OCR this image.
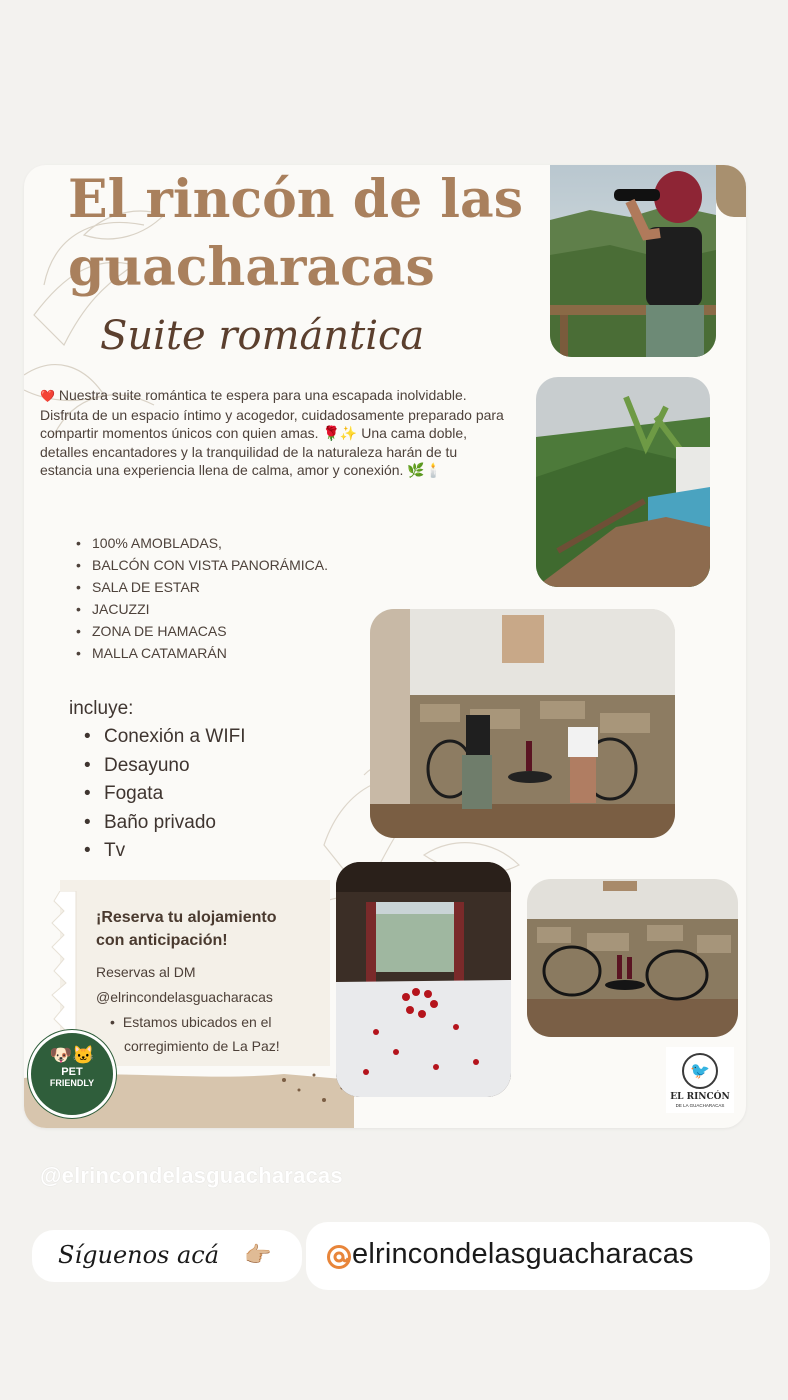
El rincón de las
guacharacas
Suite romántica
❤️ Nuestra suite romántica te espera para una escapada inolvidable. Disfruta de un espacio íntimo y acogedor, cuidadosamente preparado para compartir momentos únicos con quien amas. 🌹✨ Una cama doble, detalles encantadores y la tranquilidad de la naturaleza harán de tu estancia una experiencia llena de calma, amor y conexión. 🌿🕯️
• 100% AMOBLADAS,
• BALCÓN CON VISTA PANORÁMICA.
• SALA DE ESTAR
• JACUZZI
• ZONA DE HAMACAS
• MALLA CATAMARÁN
incluye:
• Conexión a WIFI
• Desayuno
• Fogata
• Baño privado
• Tv
¡Reserva tu alojamiento
con anticipación!
Reservas al DM
@elrincondelasguacharacas
• Estamos ubicados en el
corregimiento de La Paz!
🐶🐱
PET
FRIENDLY
🐦
EL RINCÓN
DE LA GUACHARACAS
@elrincondelasguacharacas
Síguenos acá 👉🏼	elrincondelasguacharacas
